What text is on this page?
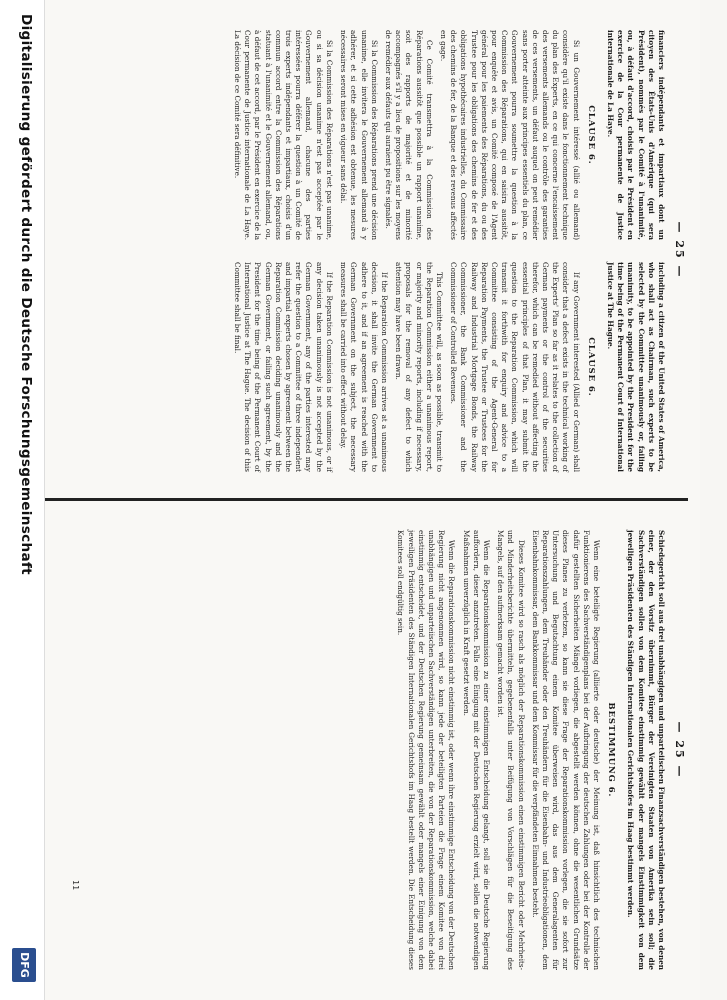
— 25 —

financiers indépendants et impartiaux dont un citoyen des États-Unis d'Amérique (qui sera Président), nommés par le Comité à l'unanimité, ou, à défaut d'accord, choisis par le Président en exercice de la Cour permanente de Justice internationale de La Haye.

CLAUSE 6.

Si un Gouvernement intéressé (allié ou allemand) considère qu'il existe dans le fonctionnement technique du plan des Experts, en ce qui concerne l'encaissement des versements allemands ou le contrôle des garanties de ces versements, un défaut auquel on peut remédier sans porter atteinte aux principes essentiels du plan, ce Gouvernement pourra soumettre la question à la Commission des Réparations, qui en saisira aussitôt, pour enquête et avis, un Comité composé de l'Agent général pour les paiements des Réparations, du ou des Trustee pour les obligations des chemins de fer et des obligations hypothécaires industrielles, du Commissaire des chemins de fer, de la Banque et des revenus affectés en gage.

Ce Comité transmettra à la Commission des Réparations aussitôt que possible un rapport unanime, soit des rapports de majorité et de minorité accompagnés s'il y a lieu de propositions sur les moyens de remédier aux défauts qui auraient pu être signalés.

Si la Commission des Réparations prend une décision unanime, elle invitera le Gouvernement allemand à y adhérer, et si cette adhésion est obtenue, les mesures nécessaires seront mises en vigueur sans délai.

Si la Commission des Réparations n'est pas unanime, ou si sa décision unanime n'est pas acceptée par le Gouvernement allemand, chacune des parties intéressées pourra déférer la question à un Comité de trois experts indépendants et impartiaux, choisis d'un commun accord entre la Commission des Réparations statuant à l'unanimité et le Gouvernement allemand, ou, à défaut de cet accord, par le Président en exercice de la Cour permanente de Justice internationale de La Haye. La décision de ce Comité sera définitive.

including a citizen of the United States of America, who shall act as Chairman, such experts to be selected by the Committee unanimously or, failing unanimity, to be appointed by the President for the time being of the Permanent Court of International Justice at The Hague.

CLAUSE 6.

If any Government interested (Allied or German) shall consider that a defect exists in the technical working of the Experts' Plan so far as it relates to the collection of German payments or the control of the securities therefor, which can be remedied without affecting the essential principles of that Plan, it may submit the question to the Reparation Commission, which will transmit it forthwith for enquiry and advice to a Committee consisting of the Agent-General for Reparation Payments, the Trustee or Trustees for the Railway and Industrial Mortgage Bonds, the Railway Commissioner, the Bank Commissioner and the Commissioner of Controlled Revenues.

This Committee will, as soon as possible, transmit to the Reparation Commission either a unanimous report, or majority and minority reports, including if necessary, proposals for the removal of any defect to which attention may have been drawn.

If the Reparation Commission arrives at a unanimous decision, it shall invite the German Government to adhere to it, and if an agreement is reached with the German Government on the subject, the necessary measures shall be carried into effect without delay.

If the Reparation Commission is not unanimous, or if any decision taken unanimously is not accepted by the German Government, any of the parties interested may refer the question to a Committee of three independent and impartial experts chosen by agreement between the Reparation Commission deciding unanimously and the German Government, or failing such agreement, by the President for the time being of the Permanent Court of International Justice at The Hague. The decision of this Committee shall be final.

— 25 —

Schiedsgericht soll aus drei unabhängigen und unparteiischen Finanzsachverständigen bestehen, von denen einer, der den Vorsitz übernimmt, Bürger der Vereinigten Staaten von Amerika sein soll; die Sachverständigen sollen von dem Komitee einstimmig gewählt oder mangels Einstimmigkeit von dem jeweiligen Präsidenten des Ständigen Internationalen Gerichtshofes im Haag bestimmt werden.

BESTIMMUNG 6.

Wenn eine beteiligte Regierung (alliierte oder deutsche) der Meinung ist, daß hinsichtlich des technischen Funktionierens des Sachverständigenplans bei der Aufbringung der deutschen Zahlungen oder bei der Kontrolle der dafür gestellten Sicherheiten Mängel vorliegen, die abgestellt werden können, ohne die wesentlichen Grundsätze dieses Planes zu verletzen, so kann sie diese Frage der Reparationskommission vorlegen, die sie sofort zur Untersuchung und Begutachtung einem Komitee überweisen wird, das aus dem Generalagenten für Reparationszahlungen, dem Treuhänder oder den Treuhändern für die Eisenbahn- und Industrieobligationen, dem Eisenbahnkommissar, dem Bankkommissar und dem Kommissar für die verpfändeten Einnahmen besteht.

Dieses Komitee wird so rasch als möglich der Reparationskommission einen einstimmigen Bericht oder Mehrheits- und Minderheitsberichte übermitteln, gegebenenfalls unter Beifügung von Vorschlägen für die Beseitigung des Mangels, auf den aufmerksam gemacht worden ist.

Wenn die Reparationskommission zu einer einstimmigen Entscheidung gelangt, soll sie die Deutsche Regierung auffordern, dieser anzutreten. Falls eine Einigung mit der Deutschen Regierung erzielt wird, sollen die notwendigen Maßnahmen unverzüglich in Kraft gesetzt werden.

Wenn die Reparationskommission nicht einstimmig ist, oder wenn ihre einstimmige Entscheidung von der Deutschen Regierung nicht angenommen wird, so kann jede der beteiligten Parteien die Frage einem Komitee von drei unabhängigen und unparteiischen Sachverständigen unterbreiten, die von der Reparationskommission, welche dabei einstimmig entscheidet, und der Deutschen Regierung gemeinsam gewählt oder mangels einer Einigung von dem jeweiligen Präsidenten des Ständigen Internationalen Gerichtshofs im Haag bestellt werden. Die Entscheidung dieses Komitees soll endgültig sein.

11
Digitalisierung gefördert durch die Deutsche Forschungsgemeinschaft
DFG
